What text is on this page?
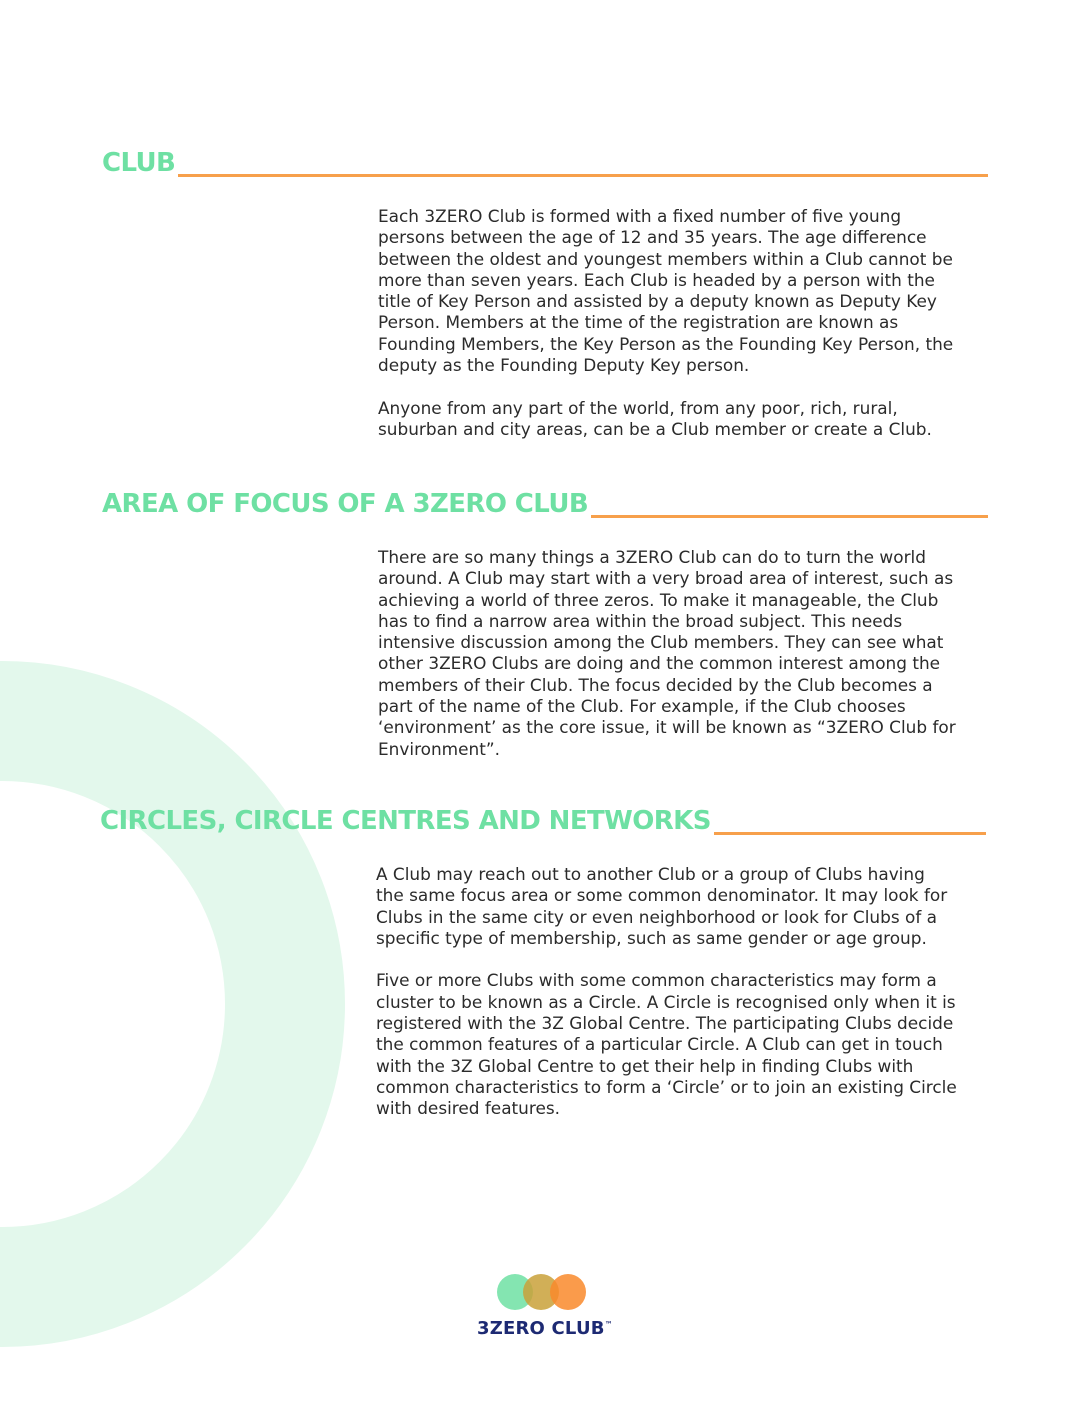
CLUB

Each 3ZERO Club is formed with a fixed number of five young
persons between the age of 12 and 35 years. The age difference
between the oldest and youngest members within a Club cannot be
more than seven years. Each Club is headed by a person with the
title of Key Person and assisted by a deputy known as Deputy Key
Person. Members at the time of the registration are known as
Founding Members, the Key Person as the Founding Key Person, the
deputy as the Founding Deputy Key person.

Anyone from any part of the world, from any poor, rich, rural,
suburban and city areas, can be a Club member or create a Club.

AREA OF FOCUS OF A 3ZERO CLUB

There are so many things a 3ZERO Club can do to turn the world
around. A Club may start with a very broad area of interest, such as
achieving a world of three zeros. To make it manageable, the Club
has to find a narrow area within the broad subject. This needs
intensive discussion among the Club members. They can see what
other 3ZERO Clubs are doing and the common interest among the
members of their Club. The focus decided by the Club becomes a
part of the name of the Club. For example, if the Club chooses
‘environment’ as the core issue, it will be known as “3ZERO Club for
Environment”.

CIRCLES, CIRCLE CENTRES AND NETWORKS

A Club may reach out to another Club or a group of Clubs having
the same focus area or some common denominator. It may look for
Clubs in the same city or even neighborhood or look for Clubs of a
specific type of membership, such as same gender or age group.

Five or more Clubs with some common characteristics may form a
cluster to be known as a Circle. A Circle is recognised only when it is
registered with the 3Z Global Centre. The participating Clubs decide
the common features of a particular Circle. A Club can get in touch
with the 3Z Global Centre to get their help in finding Clubs with
common characteristics to form a ‘Circle’ or to join an existing Circle
with desired features.

3ZERO CLUB™
